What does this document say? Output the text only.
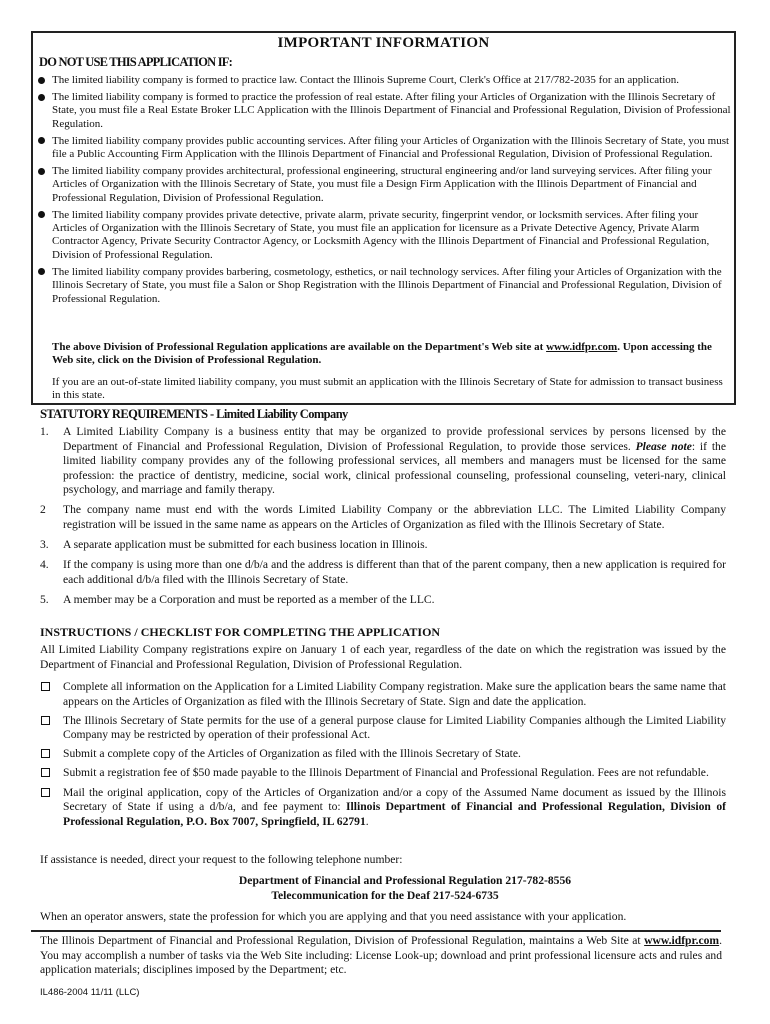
IMPORTANT INFORMATION
DO NOT USE THIS APPLICATION IF:
The limited liability company is formed to practice law. Contact the Illinois Supreme Court, Clerk's Office at 217/782-2035 for an application.
The limited liability company is formed to practice the profession of real estate. After filing your Articles of Organization with the Illinois Secretary of State, you must file a Real Estate Broker LLC Application with the Illinois Department of Financial and Professional Regulation, Division of Professional Regulation.
The limited liability company provides public accounting services. After filing your Articles of Organization with the Illinois Secretary of State, you must file a Public Accounting Firm Application with the Illinois Department of Financial and Professional Regulation, Division of Professional Regulation.
The limited liability company provides architectural, professional engineering, structural engineering and/or land surveying services. After filing your Articles of Organization with the Illinois Secretary of State, you must file a Design Firm Application with the Illinois Department of Financial and Professional Regulation, Division of Professional Regulation.
The limited liability company provides private detective, private alarm, private security, fingerprint vendor, or locksmith services. After filing your Articles of Organization with the Illinois Secretary of State, you must file an application for licensure as a Private Detective Agency, Private Alarm Contractor Agency, Private Security Contractor Agency, or Locksmith Agency with the Illinois Department of Financial and Professional Regulation, Division of Professional Regulation.
The limited liability company provides barbering, cosmetology, esthetics, or nail technology services. After filing your Articles of Organization with the Illinois Secretary of State, you must file a Salon or Shop Registration with the Illinois Department of Financial and Professional Regulation, Division of Professional Regulation.
The above Division of Professional Regulation applications are available on the Department's Web site at www.idfpr.com. Upon accessing the Web site, click on the Division of Professional Regulation.
If you are an out-of-state limited liability company, you must submit an application with the Illinois Secretary of State for admission to transact business in this state.
STATUTORY REQUIREMENTS - Limited Liability Company
1. A Limited Liability Company is a business entity that may be organized to provide professional services by persons licensed by the Department of Financial and Professional Regulation, Division of Professional Regulation, to provide those services. Please note: if the limited liability company provides any of the following professional services, all members and managers must be licensed for the same profession: the practice of dentistry, medicine, social work, clinical professional counseling, professional counseling, veteri-nary, clinical psychology, and marriage and family therapy.
2 The company name must end with the words Limited Liability Company or the abbreviation LLC. The Limited Liability Company registration will be issued in the same name as appears on the Articles of Organization as filed with the Illinois Secretary of State.
3. A separate application must be submitted for each business location in Illinois.
4. If the company is using more than one d/b/a and the address is different than that of the parent company, then a new application is required for each additional d/b/a filed with the Illinois Secretary of State.
5. A member may be a Corporation and must be reported as a member of the LLC.
INSTRUCTIONS / CHECKLIST FOR COMPLETING THE APPLICATION
All Limited Liability Company registrations expire on January 1 of each year, regardless of the date on which the registration was issued by the Department of Financial and Professional Regulation, Division of Professional Regulation.
Complete all information on the Application for a Limited Liability Company registration. Make sure the application bears the same name that appears on the Articles of Organization as filed with the Illinois Secretary of State. Sign and date the application.
The Illinois Secretary of State permits for the use of a general purpose clause for Limited Liability Companies although the Limited Liability Company may be restricted by operation of their professional Act.
Submit a complete copy of the Articles of Organization as filed with the Illinois Secretary of State.
Submit a registration fee of $50 made payable to the Illinois Department of Financial and Professional Regulation. Fees are not refundable.
Mail the original application, copy of the Articles of Organization and/or a copy of the Assumed Name document as issued by the Illinois Secretary of State if using a d/b/a, and fee payment to: Illinois Department of Financial and Professional Regulation, Division of Professional Regulation, P.O. Box 7007, Springfield, IL 62791.
If assistance is needed, direct your request to the following telephone number:
Department of Financial and Professional Regulation 217-782-8556
Telecommunication for the Deaf 217-524-6735
When an operator answers, state the profession for which you are applying and that you need assistance with your application.
The Illinois Department of Financial and Professional Regulation, Division of Professional Regulation, maintains a Web Site at www.idfpr.com. You may accomplish a number of tasks via the Web Site including: License Look-up; download and print professional licensure acts and rules and application materials; disciplines imposed by the Department; etc.
IL486-2004 11/11 (LLC)
